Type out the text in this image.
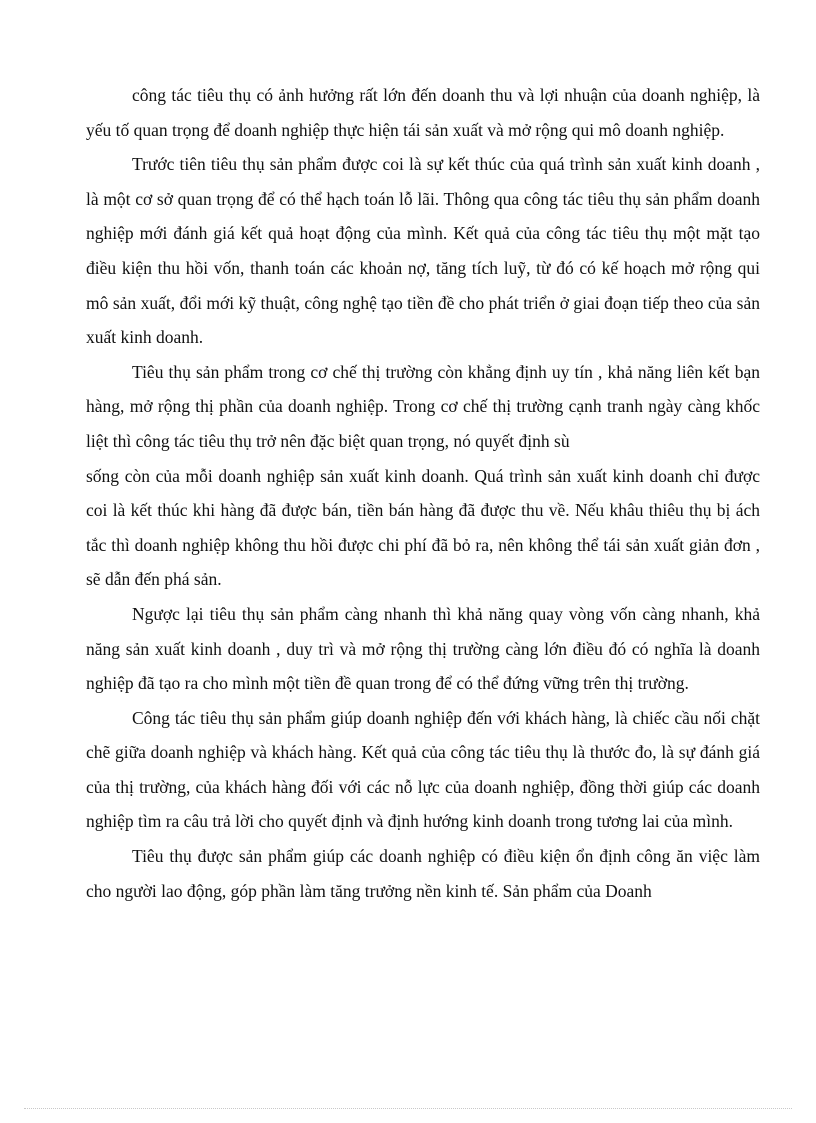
công tác tiêu thụ có ảnh hưởng rất lớn đến doanh thu và lợi nhuận của doanh nghiệp, là yếu tố quan trọng để doanh nghiệp thực hiện tái sản xuất và mở rộng qui mô doanh nghiệp.

Trước tiên tiêu thụ sản phẩm được coi là sự kết thúc của quá trình sản xuất kinh doanh , là một cơ sở quan trọng để có thể hạch toán lỗ lãi. Thông qua công tác tiêu thụ sản phẩm doanh nghiệp mới đánh giá kết quả hoạt động của mình. Kết quả của công tác tiêu thụ một mặt tạo điều kiện thu hồi vốn, thanh toán các khoản nợ, tăng tích luỹ, từ đó có kế hoạch mở rộng qui mô sản xuất, đổi mới kỹ thuật, công nghệ tạo tiền đề cho phát triển ở giai đoạn tiếp theo của sản xuất kinh doanh.

Tiêu thụ sản phẩm trong cơ chế thị trường còn khẳng định uy tín , khả năng liên kết bạn hàng, mở rộng thị phần của doanh nghiệp. Trong cơ chế thị trường cạnh tranh ngày càng khốc liệt thì công tác tiêu thụ trở nên đặc biệt quan trọng, nó quyết định sù

sống còn của mỗi doanh nghiệp sản xuất kinh doanh. Quá trình sản xuất kinh doanh chỉ được coi là kết thúc khi hàng đã được bán, tiền bán hàng đã được thu về. Nếu khâu thiêu thụ bị ách tắc thì doanh nghiệp không thu hồi được chi phí đã bỏ ra, nên không thể tái sản xuất giản đơn , sẽ dẫn đến phá sản.

Ngược lại tiêu thụ sản phẩm càng nhanh thì khả năng quay vòng vốn càng nhanh, khả năng sản xuất kinh doanh , duy trì và mở rộng thị trường càng lớn điều đó có nghĩa là doanh nghiệp đã tạo ra cho mình một tiền đề quan trong để có thể đứng vững trên thị trường.

Công tác tiêu thụ sản phẩm giúp doanh nghiệp đến với khách hàng, là chiếc cầu nối chặt chẽ giữa doanh nghiệp và khách hàng. Kết quả của công tác tiêu thụ là thước đo, là sự đánh giá của thị trường, của khách hàng đối với các nỗ lực của doanh nghiệp, đồng thời giúp các doanh nghiệp tìm ra câu trả lời cho quyết định và định hướng kinh doanh trong tương lai của mình.

Tiêu thụ được sản phẩm giúp các doanh nghiệp có điều kiện ổn định công ăn việc làm cho người lao động, góp phần làm tăng trưởng nền kinh tế. Sản phẩm của Doanh
